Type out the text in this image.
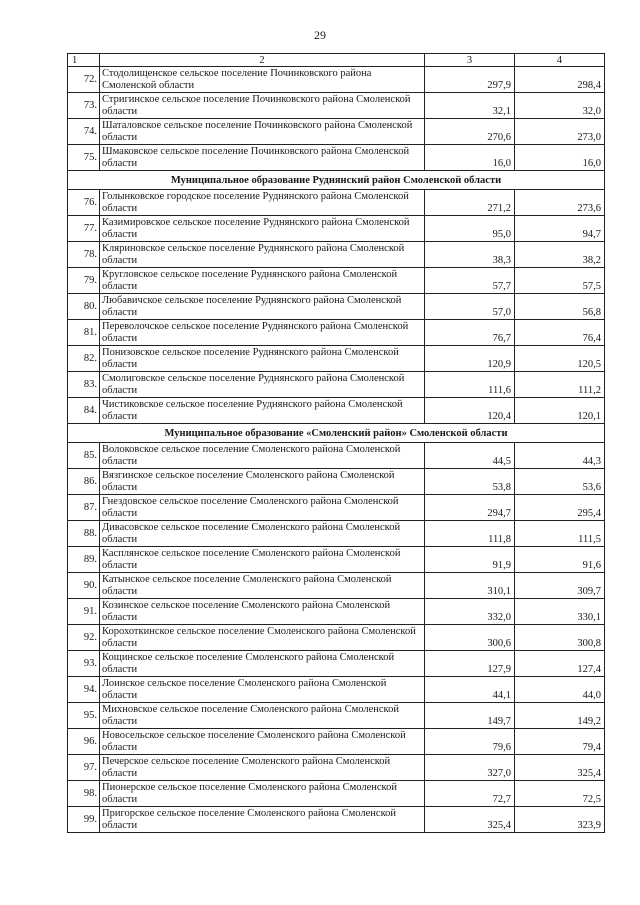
29
1	2	3	4
72.	Стодолищенское сельское поселение Починковского района Смоленской области	297,9	298,4
73.	Стригинское сельское поселение Починковского района Смоленской области	32,1	32,0
74.	Шаталовское сельское поселение Починковского района Смоленской области	270,6	273,0
75.	Шмаковское сельское поселение Починковского района Смоленской области	16,0	16,0
Муниципальное образование Руднянский район Смоленской области			
76.	Голынковское городское поселение Руднянского района Смоленской области	271,2	273,6
77.	Казимировское сельское поселение Руднянского района Смоленской области	95,0	94,7
78.	Кляриновское сельское поселение Руднянского района Смоленской области	38,3	38,2
79.	Кругловское сельское поселение Руднянского района Смоленской области	57,7	57,5
80.	Любавичское сельское поселение Руднянского района Смоленской области	57,0	56,8
81.	Переволочское сельское поселение Руднянского района Смоленской области	76,7	76,4
82.	Понизовское сельское поселение Руднянского района Смоленской области	120,9	120,5
83.	Смолиговское сельское поселение Руднянского района Смоленской области	111,6	111,2
84.	Чистиковское сельское поселение Руднянского района Смоленской области	120,4	120,1
Муниципальное образование «Смоленский район» Смоленской области			
85.	Волоковское сельское поселение Смоленского района Смоленской области	44,5	44,3
86.	Вязгинское сельское поселение Смоленского района Смоленской области	53,8	53,6
87.	Гнездовское сельское поселение Смоленского района Смоленской области	294,7	295,4
88.	Дивасовское сельское поселение Смоленского района Смоленской области	111,8	111,5
89.	Касплянское сельское поселение Смоленского района Смоленской области	91,9	91,6
90.	Катынское сельское поселение Смоленского района Смоленской области	310,1	309,7
91.	Козинское сельское поселение Смоленского района Смоленской области	332,0	330,1
92.	Корохоткинское сельское поселение Смоленского района Смоленской области	300,6	300,8
93.	Кощинское сельское поселение Смоленского района Смоленской области	127,9	127,4
94.	Лоинское сельское поселение Смоленского района Смоленской области	44,1	44,0
95.	Михновское сельское поселение Смоленского района Смоленской области	149,7	149,2
96.	Новосельское сельское поселение Смоленского района Смоленской области	79,6	79,4
97.	Печерское сельское поселение Смоленского района Смоленской области	327,0	325,4
98.	Пионерское сельское поселение Смоленского района Смоленской области	72,7	72,5
99.	Пригорское сельское поселение Смоленского района Смоленской области	325,4	323,9
